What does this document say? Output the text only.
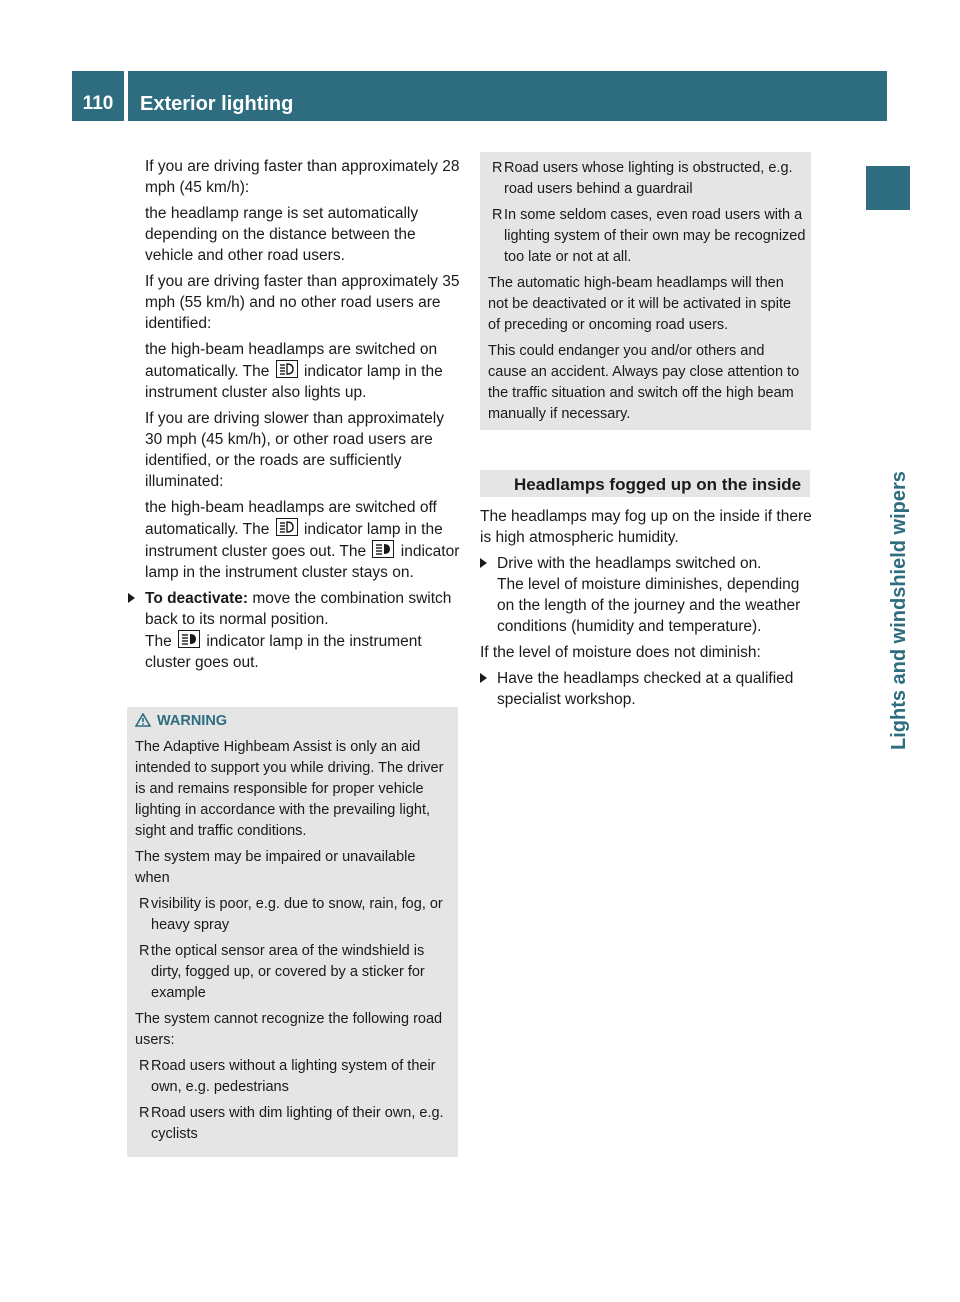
110	Exterior lighting
Lights and windshield wipers

If you are driving faster than approximately 28 mph (45 km/h):

the headlamp range is set automatically depending on the distance between the vehicle and other road users.

If you are driving faster than approximately 35 mph (55 km/h) and no other road users are identified:

the high-beam headlamps are switched on automatically. The indicator lamp in the instrument cluster also lights up.

If you are driving slower than approximately 30 mph (45 km/h), or other road users are identified, or the roads are sufficiently illuminated:

the high-beam headlamps are switched off automatically. The indicator lamp in the instrument cluster goes out. The indicator lamp in the instrument cluster stays on.

To deactivate: move the combination switch back to its normal position.
The indicator lamp in the instrument cluster goes out.
WARNING

The Adaptive Highbeam Assist is only an aid intended to support you while driving. The driver is and remains responsible for proper vehicle lighting in accordance with the prevailing light, sight and traffic conditions.

The system may be impaired or unavailable when

R visibility is poor, e.g. due to snow, rain, fog, or heavy spray
R the optical sensor area of the windshield is dirty, fogged up, or covered by a sticker for example

The system cannot recognize the following road users:

R Road users without a lighting system of their own, e.g. pedestrians
R Road users with dim lighting of their own, e.g. cyclists
R Road users whose lighting is obstructed, e.g. road users behind a guardrail
R In some seldom cases, even road users with a lighting system of their own may be recognized too late or not at all.

The automatic high-beam headlamps will then not be deactivated or it will be activated in spite of preceding or oncoming road users.

This could endanger you and/or others and cause an accident. Always pay close attention to the traffic situation and switch off the high beam manually if necessary.

Headlamps fogged up on the inside

The headlamps may fog up on the inside if there is high atmospheric humidity.

Drive with the headlamps switched on.
The level of moisture diminishes, depending on the length of the journey and the weather conditions (humidity and temperature).

If the level of moisture does not diminish:

Have the headlamps checked at a qualified specialist workshop.
